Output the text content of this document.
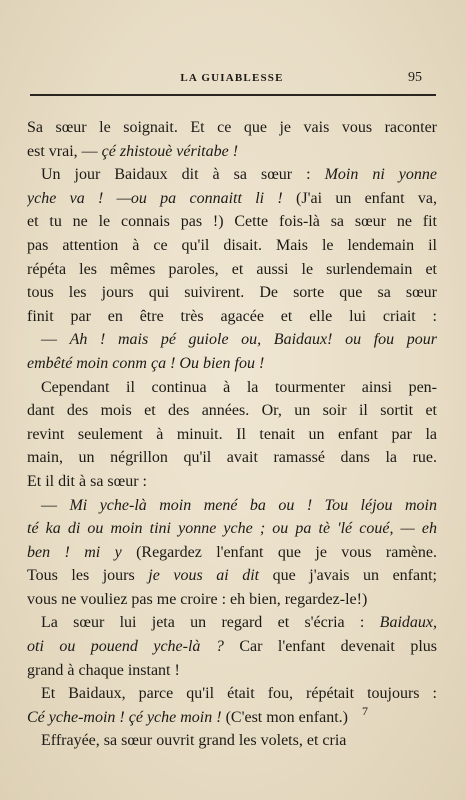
LA GUIABLESSE	95
Sa sœur le soignait. Et ce que je vais vous raconter
est vrai, — çé zhistouè véritabe !
Un jour Baidaux dit à sa sœur : Moin ni yonne
yche va ! —ou pa connaitt li ! (J'ai un enfant va,
et tu ne le connais pas !) Cette fois-là sa sœur ne fit
pas attention à ce qu'il disait. Mais le lendemain il
répéta les mêmes paroles, et aussi le surlendemain et
tous les jours qui suivirent. De sorte que sa sœur
finit par en être très agacée et elle lui criait :
— Ah ! mais pé guiole ou, Baidaux! ou fou pour
embêté moin conm ça ! Ou bien fou !
Cependant il continua à la tourmenter ainsi pen-
dant des mois et des années. Or, un soir il sortit et
revint seulement à minuit. Il tenait un enfant par la
main, un négrillon qu'il avait ramassé dans la rue.
Et il dit à sa sœur :
— Mi yche-là moin mené ba ou ! Tou léjou moin
té ka di ou moin tini yonne yche ; ou pa tè 'lé coué, — eh
ben ! mi y (Regardez l'enfant que je vous ramène.
Tous les jours je vous ai dit que j'avais un enfant;
vous ne vouliez pas me croire : eh bien, regardez-le!)
La sœur lui jeta un regard et s'écria : Baidaux,
oti ou pouend yche-là ? Car l'enfant devenait plus
grand à chaque instant !
Et Baidaux, parce qu'il était fou, répétait toujours :
Cé yche-moin ! çé yche moin ! (C'est mon enfant.)
Effrayée, sa sœur ouvrit grand les volets, et cria
7
